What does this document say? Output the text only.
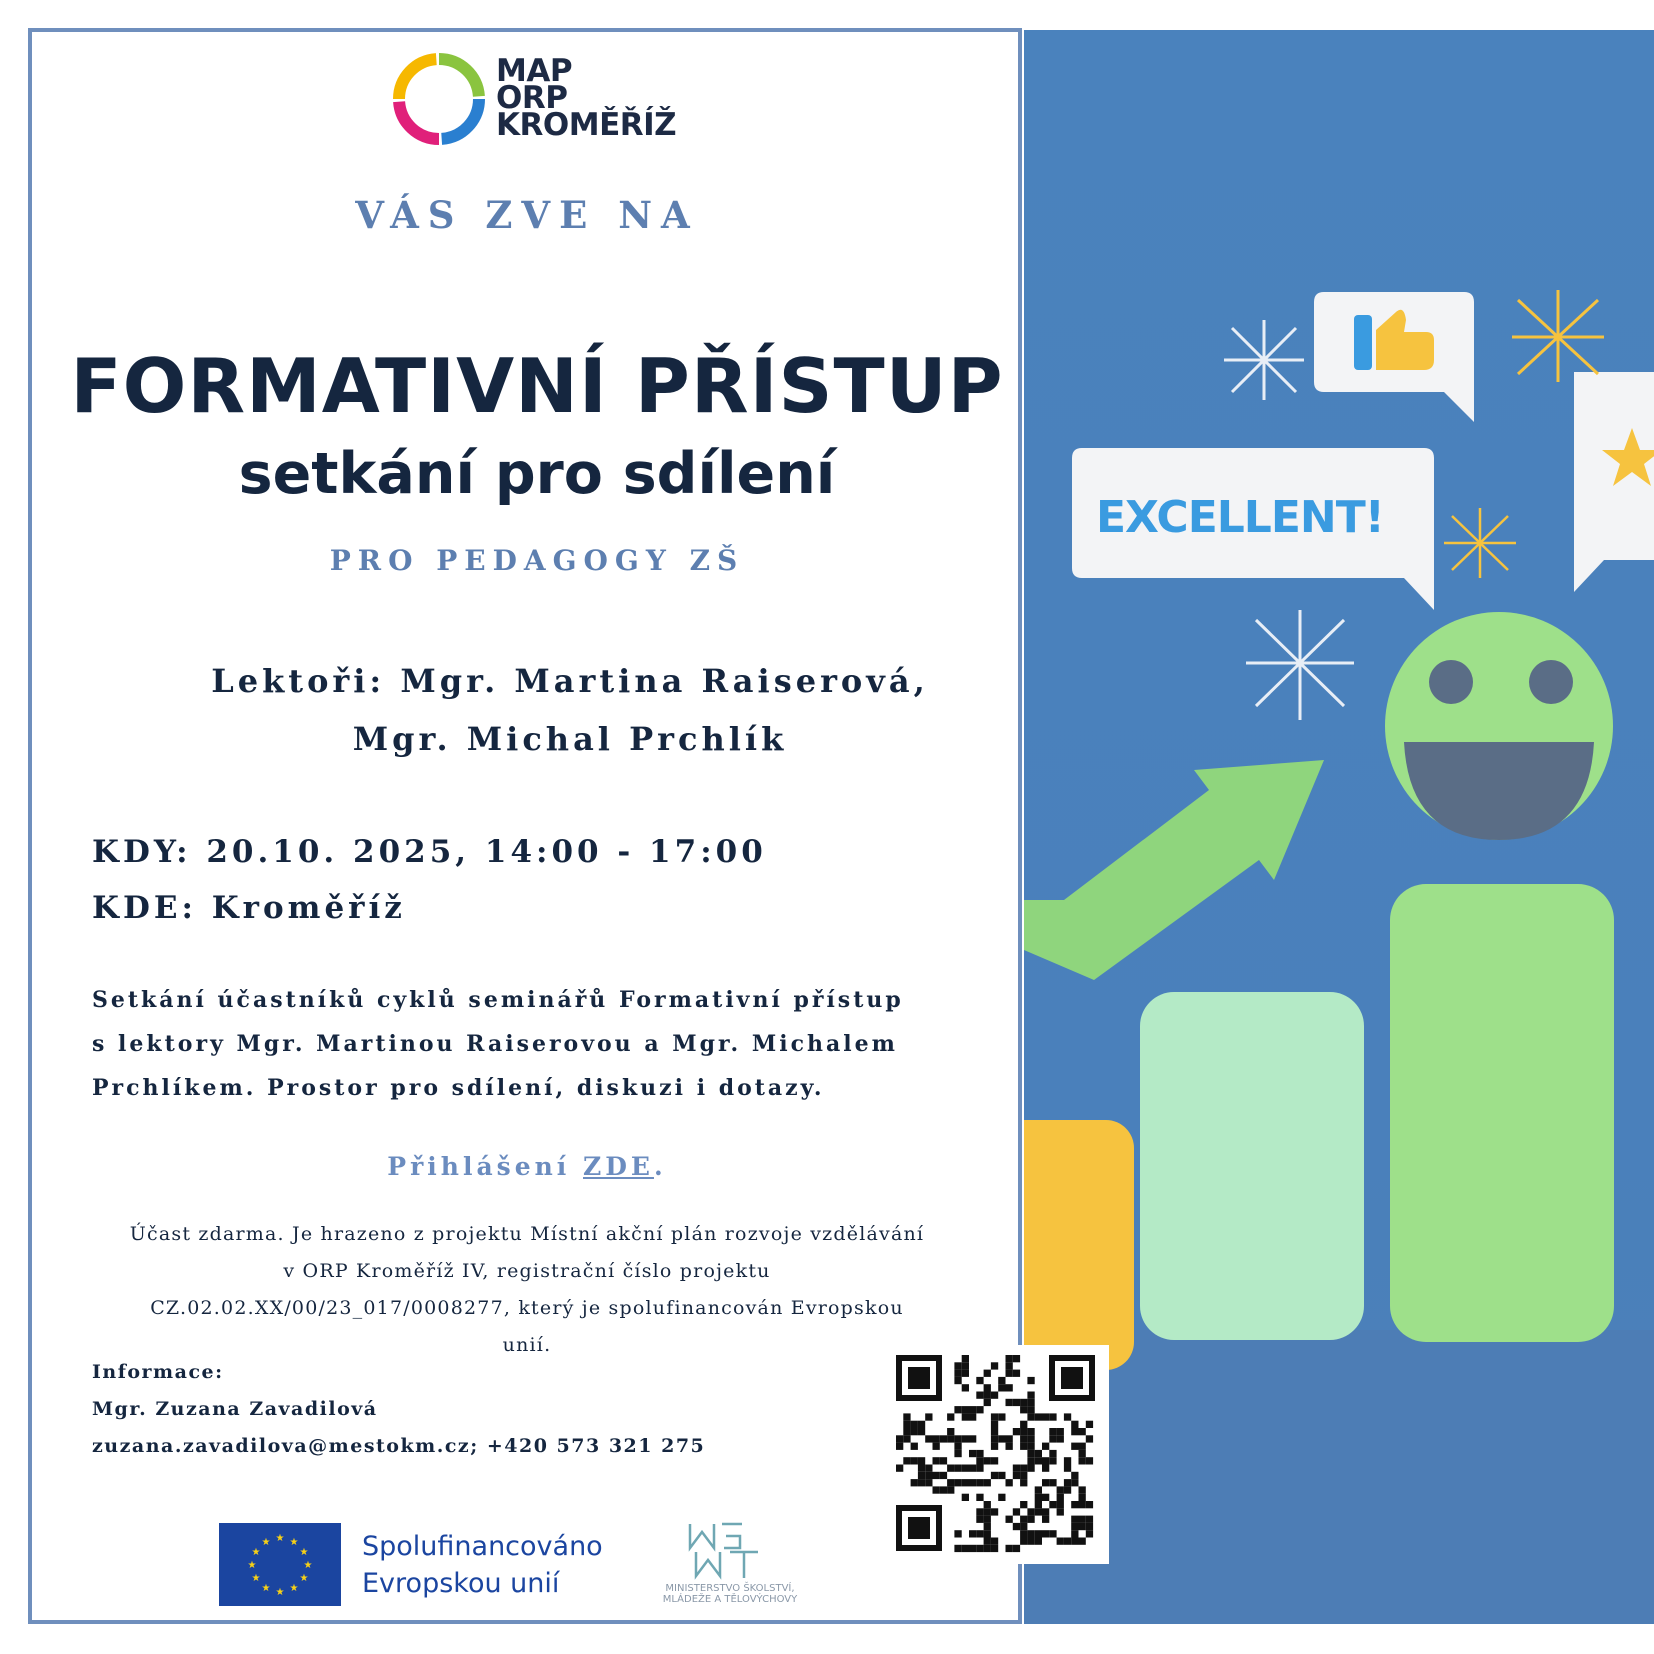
EXCELLENT!
MAP
ORP
KROMĚŘÍŽ
VÁS ZVE NA
FORMATIVNÍ PŘÍSTUP
setkání pro sdílení
PRO PEDAGOGY ZŠ
Lektoři: Mgr. Martina Raiserová,
Mgr. Michal Prchlík
KDY: 20.10. 2025, 14:00 - 17:00
KDE: Kroměříž
Setkání účastníků cyklů seminářů Formativní přístup
s lektory Mgr. Martinou Raiserovou a Mgr. Michalem
Prchlíkem. Prostor pro sdílení, diskuzi i dotazy.
Přihlášení ZDE.
Účast zdarma. Je hrazeno z projektu Místní akční plán rozvoje vzdělávání
v ORP Kroměříž IV, registrační číslo projektu
CZ.02.02.XX/00/23_017/0008277, který je spolufinancován Evropskou
unií.
Informace:
Mgr. Zuzana Zavadilová
zuzana.zavadilova@mestokm.cz; +420 573 321 275
★ ★
★
★
★
★
★
★
★
★
★
★	Spolufinancováno
Evropskou unií	MINISTERSTVO ŠKOLSTVÍ,
MLÁDEŽE A TĚLOVÝCHOVY
